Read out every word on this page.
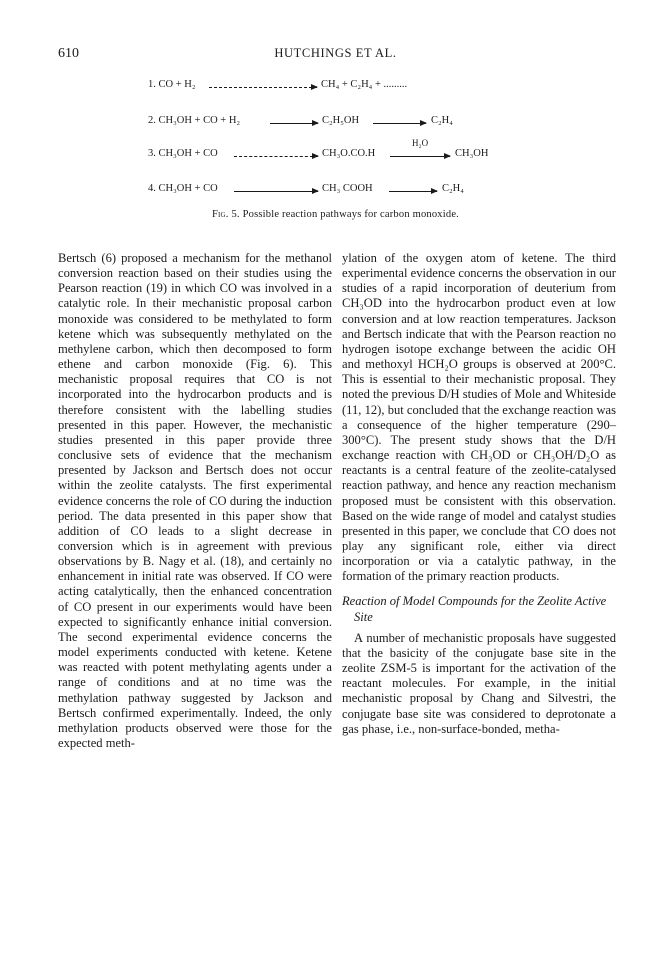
610	HUTCHINGS ET AL.
1. CO + H₂	CH₄ + C₂H₄ + .........
2. CH₃OH + CO + H₂ → C₂H₅OH → C₂H₄
3. CH₃OH + CO	CH₃O.CO.H
H₂O
→ CH₃OH
4. CH₃OH + CO	CH₃ COOH → C₂H₄
Fig. 5. Possible reaction pathways for carbon monoxide.

Bertsch (6) proposed a mechanism for the methanol conversion reaction based on their studies using the Pearson reaction (19) in which CO was involved in a catalytic role. In their mechanistic proposal carbon monoxide was considered to be methylated to form ketene which was subsequently methylated on the methylene carbon, which then decomposed to form ethene and carbon monoxide (Fig. 6). This mechanistic proposal requires that CO is not incorporated into the hydrocarbon products and is therefore consistent with the labelling studies presented in this paper. However, the mechanistic studies presented in this paper provide three conclusive sets of evidence that the mechanism presented by Jackson and Bertsch does not occur within the zeolite catalysts. The first experimental evidence concerns the role of CO during the induction period. The data presented in this paper show that addition of CO leads to a slight decrease in conversion which is in agreement with previous observations by B. Nagy et al. (18), and certainly no enhancement in initial rate was observed. If CO were acting catalytically, then the enhanced concentration of CO present in our experiments would have been expected to significantly enhance initial conversion. The second experimental evidence concerns the model experiments conducted with ketene. Ketene was reacted with potent methylating agents under a range of conditions and at no time was the methylation pathway suggested by Jackson and Bertsch confirmed experimentally. Indeed, the only methylation products observed were those for the expected meth-

ylation of the oxygen atom of ketene. The third experimental evidence concerns the observation in our studies of a rapid incorporation of deuterium from CH₃OD into the hydrocarbon product even at low conversion and at low reaction temperatures. Jackson and Bertsch indicate that with the Pearson reaction no hydrogen isotope exchange between the acidic OH and methoxyl HCH₂O groups is observed at 200°C. This is essential to their mechanistic proposal. They noted the previous D/H studies of Mole and Whiteside (11, 12), but concluded that the exchange reaction was a consequence of the higher temperature (290–300°C). The present study shows that the D/H exchange reaction with CH₃OD or CH₃OH/D₂O as reactants is a central feature of the zeolite-catalysed reaction pathway, and hence any reaction mechanism proposed must be consistent with this observation. Based on the wide range of model and catalyst studies presented in this paper, we conclude that CO does not play any significant role, either via direct incorporation or via a catalytic pathway, in the formation of the primary reaction products.

Reaction of Model Compounds for the Zeolite Active Site

A number of mechanistic proposals have suggested that the basicity of the conjugate base site in the zeolite ZSM-5 is important for the activation of the reactant molecules. For example, in the initial mechanistic proposal by Chang and Silvestri, the conjugate base site was considered to deprotonate a gas phase, i.e., non-surface-bonded, metha-
